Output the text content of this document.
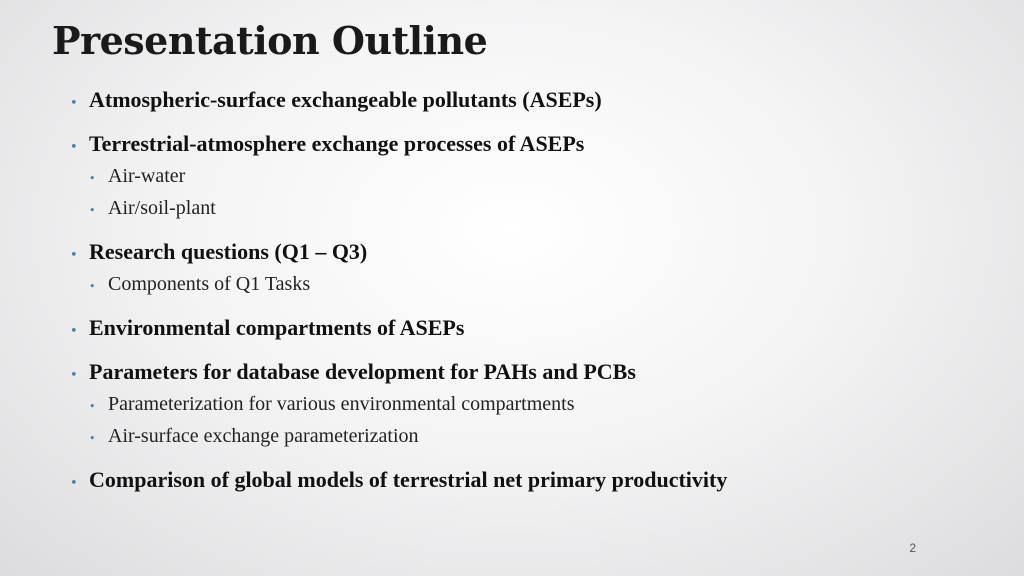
Presentation Outline
• Atmospheric-surface exchangeable pollutants (ASEPs)
• Terrestrial-atmosphere exchange processes of ASEPs
• Air-water
• Air/soil-plant
• Research questions (Q1 – Q3)
• Components of Q1 Tasks
• Environmental compartments of ASEPs
• Parameters for database development for PAHs and PCBs
• Parameterization for various environmental compartments
• Air-surface exchange parameterization
• Comparison of global models of terrestrial net primary productivity
2
